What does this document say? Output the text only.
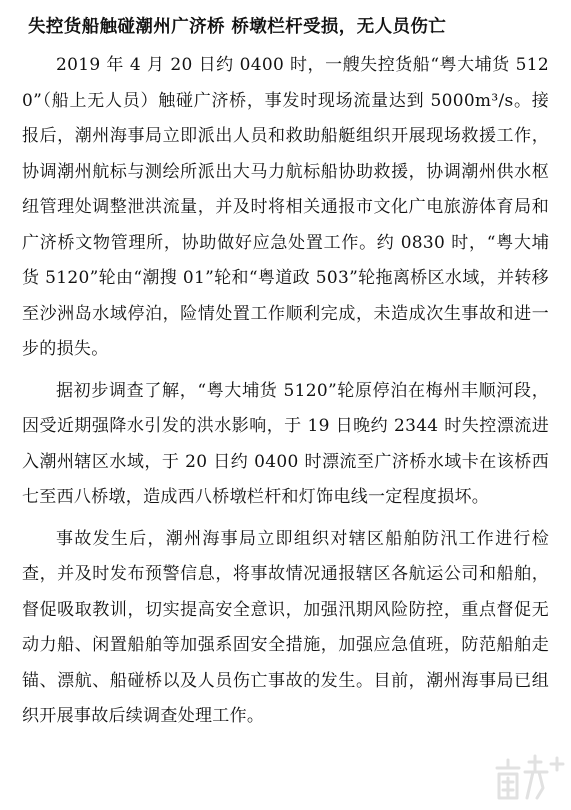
失控货船触碰潮州广济桥 桥墩栏杆受损，无人员伤亡

2019 年 4 月 20 日约 0400 时，一艘失控货船“粤大埔货 5120”（船上无人员）触碰广济桥，事发时现场流量达到 5000m³/s。接报后，潮州海事局立即派出人员和救助船艇组织开展现场救援工作，协调潮州航标与测绘所派出大马力航标船协助救援，协调潮州供水枢纽管理处调整泄洪流量，并及时将相关通报市文化广电旅游体育局和广济桥文物管理所，协助做好应急处置工作。约 0830 时，“粤大埔货 5120”轮由“潮搜 01”轮和“粤道政 503”轮拖离桥区水域，并转移至沙洲岛水域停泊，险情处置工作顺利完成，未造成次生事故和进一步的损失。

据初步调查了解，“粤大埔货 5120”轮原停泊在梅州丰顺河段，因受近期强降水引发的洪水影响，于 19 日晚约 2344 时失控漂流进入潮州辖区水域，于 20 日约 0400 时漂流至广济桥水域卡在该桥西七至西八桥墩，造成西八桥墩栏杆和灯饰电线一定程度损坏。

事故发生后，潮州海事局立即组织对辖区船舶防汛工作进行检查，并及时发布预警信息，将事故情况通报辖区各航运公司和船舶，督促吸取教训，切实提高安全意识，加强汛期风险防控，重点督促无动力船、闲置船舶等加强系固安全措施，加强应急值班，防范船舶走锚、漂航、船碰桥以及人员伤亡事故的发生。目前，潮州海事局已组织开展事故后续调查处理工作。
